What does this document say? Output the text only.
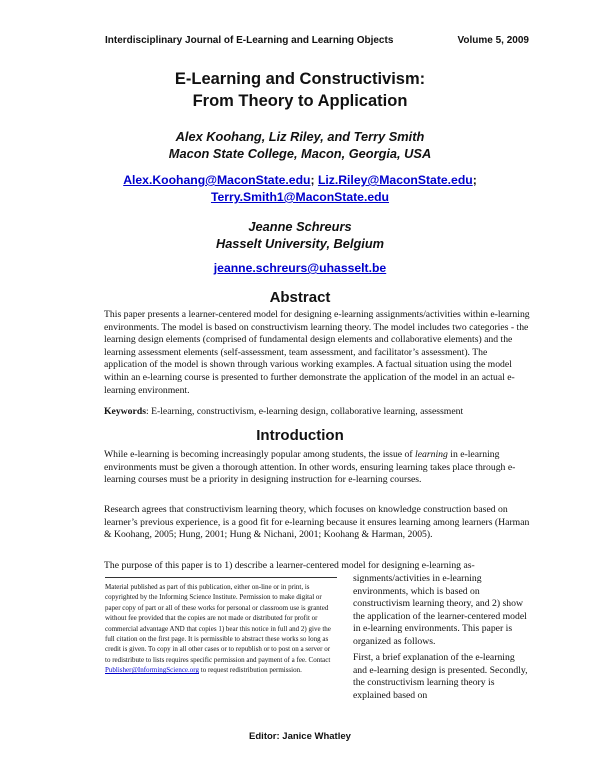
Interdisciplinary Journal of E-Learning and Learning Objects	Volume 5, 2009
E-Learning and Constructivism:
From Theory to Application
Alex Koohang, Liz Riley, and Terry Smith
Macon State College, Macon, Georgia, USA
Alex.Koohang@MaconState.edu; Liz.Riley@MaconState.edu;
Terry.Smith1@MaconState.edu
Jeanne Schreurs
Hasselt University, Belgium
jeanne.schreurs@uhasselt.be
Abstract

This paper presents a learner-centered model for designing e-learning assignments/activities within e-learning environments. The model is based on constructivism learning theory. The model includes two categories - the learning design elements (comprised of fundamental design elements and collaborative elements) and the learning assessment elements (self-assessment, team assessment, and facilitator’s assessment). The application of the model is shown through various working examples. A factual situation using the model within an e-learning course is presented to further demonstrate the application of the model in an actual e-learning environment.

Keywords: E-learning, constructivism, e-learning design, collaborative learning, assessment

Introduction

While e-learning is becoming increasingly popular among students, the issue of learning in e-learning environments must be given a thorough attention. In other words, ensuring learning takes place through e-learning courses must be a priority in designing instruction for e-learning courses.

Research agrees that constructivism learning theory, which focuses on knowledge construction based on learner’s previous experience, is a good fit for e-learning because it ensures learning among learners (Harman & Koohang, 2005; Hung, 2001; Hung & Nichani, 2001; Koohang & Harman, 2005).

The purpose of this paper is to 1) describe a learner-centered model for designing e-learning as-

Material published as part of this publication, either on-line or in print, is copyrighted by the Informing Science Institute. Permission to make digital or paper copy of part or all of these works for personal or classroom use is granted without fee provided that the copies are not made or distributed for profit or commercial advantage AND that copies 1) bear this notice in full and 2) give the full citation on the first page. It is permissible to abstract these works so long as credit is given. To copy in all other cases or to republish or to post on a server or to redistribute to lists requires specific permission and payment of a fee. Contact Publisher@InformingScience.org to request redistribution permission.

signments/activities in e-learning environments, which is based on constructivism learning theory, and 2) show the application of the learner-centered model in e-learning environments. This paper is organized as follows.

First, a brief explanation of the e-learning and e-learning design is presented. Secondly, the constructivism learning theory is explained based on

Editor: Janice Whatley
